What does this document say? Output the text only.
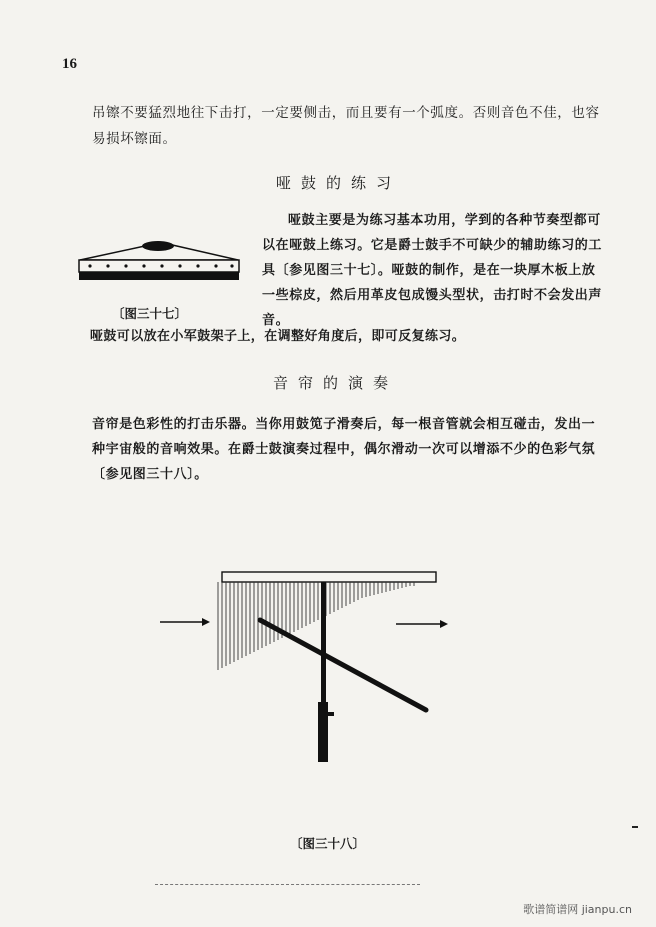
16
吊镲不要猛烈地往下击打，一定要侧击，而且要有一个弧度。否则音色不佳，也容易损坏镲面。
哑鼓的练习
哑鼓主要是为练习基本功用，学到的各种节奏型都可以在哑鼓上练习。它是爵士鼓手不可缺少的辅助练习的工具〔参见图三十七〕。哑鼓的制作，是在一块厚木板上放一些棕皮，然后用革皮包成馒头型状，击打时不会发出声音。
〔图三十七〕
哑鼓可以放在小军鼓架子上，在调整好角度后，即可反复练习。
音帘的演奏
音帘是色彩性的打击乐器。当你用鼓笕子滑奏后，每一根音管就会相互碰击，发出一种宇宙般的音响效果。在爵士鼓演奏过程中，偶尔滑动一次可以增添不少的色彩气氛〔参见图三十八〕。
〔图三十八〕
歌谱简谱网 jianpu.cn
